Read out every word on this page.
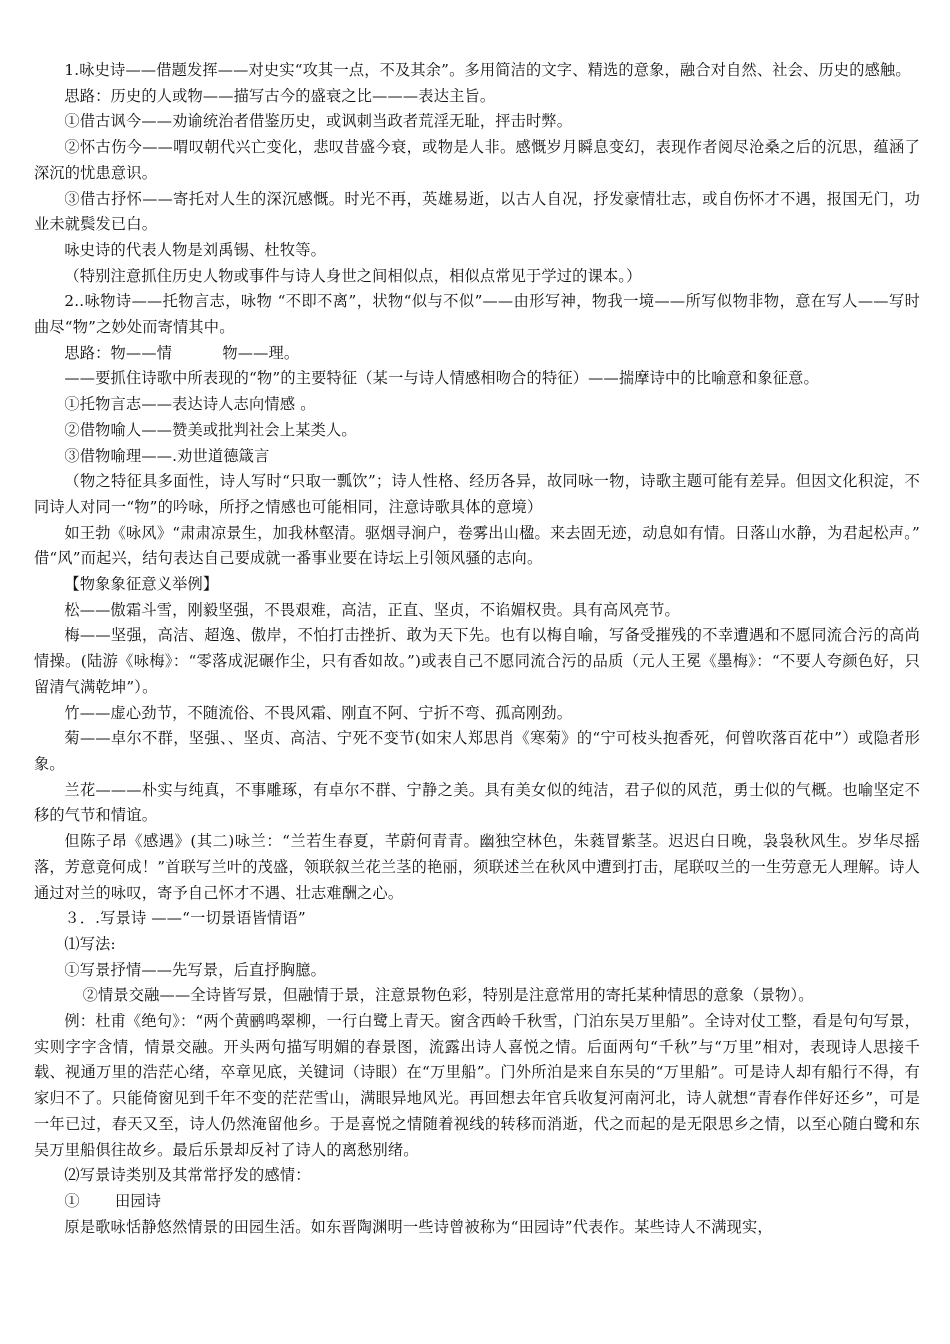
1.咏史诗——借题发挥——对史实“攻其一点，不及其余”。多用简洁的文字、精选的意象，融合对自然、社会、历史的感触。

思路：历史的人或物——描写古今的盛衰之比———表达主旨。

①借古讽今——劝谕统治者借鉴历史，或讽刺当政者荒淫无耻，抨击时弊。

②怀古伤今——喟叹朝代兴亡变化，悲叹昔盛今衰，或物是人非。感慨岁月瞬息变幻，表现作者阅尽沧桑之后的沉思，蕴涵了深沉的忧患意识。

③借古抒怀——寄托对人生的深沉感慨。时光不再，英雄易逝，以古人自况，抒发豪情壮志，或自伤怀才不遇，报国无门，功业未就鬓发已白。

咏史诗的代表人物是刘禹锡、杜牧等。

（特别注意抓住历史人物或事件与诗人身世之间相似点，相似点常见于学过的课本。）

2..咏物诗——托物言志，咏物 “不即不离”，状物“似与不似”——由形写神，物我一境——所写似物非物，意在写人——写时曲尽“物”之妙处而寄情其中。

思路：物——情          物——理。

——要抓住诗歌中所表现的“物”的主要特征（某一与诗人情感相吻合的特征）——揣摩诗中的比喻意和象征意。

①托物言志——表达诗人志向情感 。

②借物喻人——赞美或批判社会上某类人。

③借物喻理——.劝世道德箴言

（物之特征具多面性，诗人写时“只取一瓢饮”；诗人性格、经历各异，故同咏一物，诗歌主题可能有差异。但因文化积淀，不同诗人对同一“物”的吟咏，所抒之情感也可能相同，注意诗歌具体的意境）

如王勃《咏风》“肃肃凉景生，加我林壑清。驱烟寻涧户，卷雾出山楹。来去固无迹，动息如有情。日落山水静，为君起松声。” 借“风”而起兴，结句表达自己要成就一番事业要在诗坛上引领风骚的志向。

【物象象征意义举例】

松——傲霜斗雪，刚毅坚强，不畏艰难，高洁，正直、坚贞，不谄媚权贵。具有高风亮节。

梅——坚强，高洁、超逸、傲岸，不怕打击挫折、敢为天下先。也有以梅自喻，写备受摧残的不幸遭遇和不愿同流合污的高尚情操。(陆游《咏梅》：“零落成泥碾作尘，只有香如故。”)或表自己不愿同流合污的品质（元人王冕《墨梅》：“不要人夸颜色好，只留清气满乾坤”）。

竹——虚心劲节，不随流俗、不畏风霜、刚直不阿、宁折不弯、孤高刚劲。

菊——卓尔不群，坚强、、坚贞、高洁、宁死不变节(如宋人郑思肖《寒菊》的“宁可枝头抱香死，何曾吹落百花中”）或隐者形象。

兰花———朴实与纯真，不事雕琢，有卓尔不群、宁静之美。具有美女似的纯洁，君子似的风范，勇士似的气概。也喻坚定不移的气节和情谊。

但陈子昂《感遇》(其二)咏兰：“兰若生春夏，芊蔚何青青。幽独空林色，朱蕤冒紫茎。迟迟白日晚，袅袅秋风生。岁华尽摇落，芳意竟何成！”首联写兰叶的茂盛，领联叙兰花兰茎的艳丽，须联述兰在秋风中遭到打击，尾联叹兰的一生劳意无人理解。诗人通过对兰的咏叹，寄予自己怀才不遇、壮志难酬之心。

３．.写景诗 ——“一切景语皆情语”

⑴写法:

①写景抒情——先写景，后直抒胸臆。

②情景交融——全诗皆写景，但融情于景，注意景物色彩，特别是注意常用的寄托某种情思的意象（景物）。

例：杜甫《绝句》：“两个黄鹂鸣翠柳，一行白鹭上青天。窗含西岭千秋雪，门泊东吴万里船”。全诗对仗工整，看是句句写景，实则字字含情，情景交融。开头两句描写明媚的春景图，流露出诗人喜悦之情。后面两句“千秋”与“万里”相对，表现诗人思接千载、视通万里的浩茫心绪，卒章见底，关键词（诗眼）在“万里船”。门外所泊是来自东吴的“万里船”。可是诗人却有船行不得，有家归不了。只能倚窗见到千年不变的茫茫雪山，满眼异地风光。再回想去年官兵收复河南河北，诗人就想“青春作伴好还乡”，可是一年已过，春天又至，诗人仍然淹留他乡。于是喜悦之情随着视线的转移而消逝，代之而起的是无限思乡之情，以至心随白鹭和东吴万里船俱往故乡。最后乐景却反衬了诗人的离愁别绪。

⑵写景诗类别及其常常抒发的感情：

①       田园诗

原是歌咏恬静悠然情景的田园生活。如东晋陶渊明一些诗曾被称为“田园诗”代表作。某些诗人不满现实，
